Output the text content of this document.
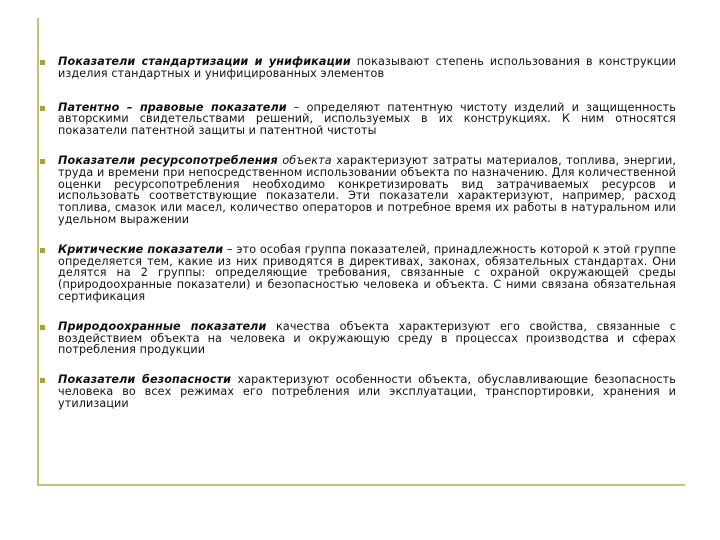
Показатели стандартизации и унификации показывают степень использования в конструкции изделия стандартных и унифицированных элементов
Патентно – правовые показатели – определяют патентную чистоту изделий и защищенность авторскими свидетельствами решений, используемых в их конструкциях. К ним относятся показатели патентной защиты и патентной чистоты
Показатели ресурсопотребления объекта характеризуют затраты материалов, топлива, энергии, труда и времени при непосредственном использовании объекта по назначению. Для количественной оценки ресурсопотребления необходимо конкретизировать вид затрачиваемых ресурсов и использовать соответствующие показатели. Эти показатели характеризуют, например, расход топлива, смазок или масел, количество операторов и потребное время их работы в натуральном или удельном выражении
Критические показатели – это особая группа показателей, принадлежность которой к этой группе определяется тем, какие из них приводятся в директивах, законах, обязательных стандартах. Они делятся на 2 группы: определяющие требования, связанные с охраной окружающей среды (природоохранные показатели) и безопасностью человека и объекта. С ними связана обязательная сертификация
Природоохранные показатели качества объекта характеризуют его свойства, связанные с воздействием объекта на человека и окружающую среду в процессах производства и сферах потребления продукции
Показатели безопасности характеризуют особенности объекта, обуславливающие безопасность человека во всех режимах его потребления или эксплуатации, транспортировки, хранения и утилизации
